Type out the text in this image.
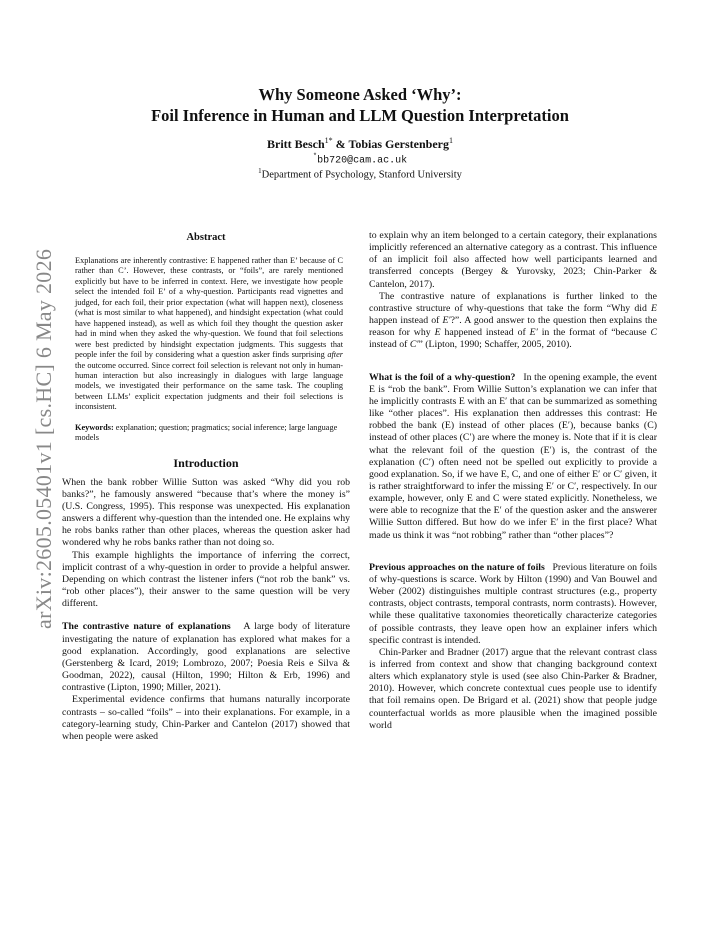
arXiv:2605.05401v1 [cs.HC] 6 May 2026
Why Someone Asked ‘Why’:
Foil Inference in Human and LLM Question Interpretation
Britt Besch$^{1*}$ & Tobias Gerstenberg$^1$
*bb720@cam.ac.uk
$^1$Department of Psychology, Stanford University
Abstract
Explanations are inherently contrastive: E happened rather than E’ because of C rather than C’. However, these contrasts, or “foils”, are rarely mentioned explicitly but have to be inferred in context. Here, we investigate how people select the intended foil E’ of a why-question. Participants read vignettes and judged, for each foil, their prior expectation (what will happen next), closeness (what is most similar to what happened), and hindsight expectation (what could have happened instead), as well as which foil they thought the question asker had in mind when they asked the why-question. We found that foil selections were best predicted by hindsight expectation judgments. This suggests that people infer the foil by considering what a question asker finds surprising after the outcome occurred. Since correct foil selection is relevant not only in human-human interaction but also increasingly in dialogues with large language models, we investigated their performance on the same task. The coupling between LLMs’ explicit expectation judgments and their foil selections is inconsistent.
Keywords: explanation; question; pragmatics; social inference; large language models
Introduction

When the bank robber Willie Sutton was asked “Why did you rob banks?”, he famously answered “because that’s where the money is” (U.S. Congress, 1995). This response was unexpected. His explanation answers a different why-question than the intended one. He explains why he robs banks rather than other places, whereas the question asker had wondered why he robs banks rather than not doing so.

This example highlights the importance of inferring the correct, implicit contrast of a why-question in order to provide a helpful answer. Depending on which contrast the listener infers (“not rob the bank” vs. “rob other places”), their answer to the same question will be very different.

The contrastive nature of explanations A large body of literature investigating the nature of explanation has explored what makes for a good explanation. Accordingly, good explanations are selective (Gerstenberg & Icard, 2019; Lombrozo, 2007; Poesia Reis e Silva & Goodman, 2022), causal (Hilton, 1990; Hilton & Erb, 1996) and contrastive (Lipton, 1990; Miller, 2021).

Experimental evidence confirms that humans naturally incorporate contrasts – so-called “foils” – into their explanations. For example, in a category-learning study, Chin-Parker and Cantelon (2017) showed that when people were asked

to explain why an item belonged to a certain category, their explanations implicitly referenced an alternative category as a contrast. This influence of an implicit foil also affected how well participants learned and transferred concepts (Bergey & Yurovsky, 2023; Chin-Parker & Cantelon, 2017).

The contrastive nature of explanations is further linked to the contrastive structure of why-questions that take the form “Why did E happen instead of E′?”. A good answer to the question then explains the reason for why E happened instead of E′ in the format of “because C instead of C′” (Lipton, 1990; Schaffer, 2005, 2010).

What is the foil of a why-question? In the opening example, the event E is “rob the bank”. From Willie Sutton’s explanation we can infer that he implicitly contrasts E with an E′ that can be summarized as something like “other places”. His explanation then addresses this contrast: He robbed the bank (E) instead of other places (E′), because banks (C) instead of other places (C′) are where the money is. Note that if it is clear what the relevant foil of the question (E′) is, the contrast of the explanation (C′) often need not be spelled out explicitly to provide a good explanation. So, if we have E, C, and one of either E′ or C′ given, it is rather straightforward to infer the missing E′ or C′, respectively. In our example, however, only E and C were stated explicitly. Nonetheless, we were able to recognize that the E′ of the question asker and the answerer Willie Sutton differed. But how do we infer E′ in the first place? What made us think it was “not robbing” rather than “other places”?

Previous approaches on the nature of foils Previous literature on foils of why-questions is scarce. Work by Hilton (1990) and Van Bouwel and Weber (2002) distinguishes multiple contrast structures (e.g., property contrasts, object contrasts, temporal contrasts, norm contrasts). However, while these qualitative taxonomies theoretically characterize categories of possible contrasts, they leave open how an explainer infers which specific contrast is intended.

Chin-Parker and Bradner (2017) argue that the relevant contrast class is inferred from context and show that changing background context alters which explanatory style is used (see also Chin-Parker & Bradner, 2010). However, which concrete contextual cues people use to identify that foil remains open. De Brigard et al. (2021) show that people judge counterfactual worlds as more plausible when the imagined possible world
